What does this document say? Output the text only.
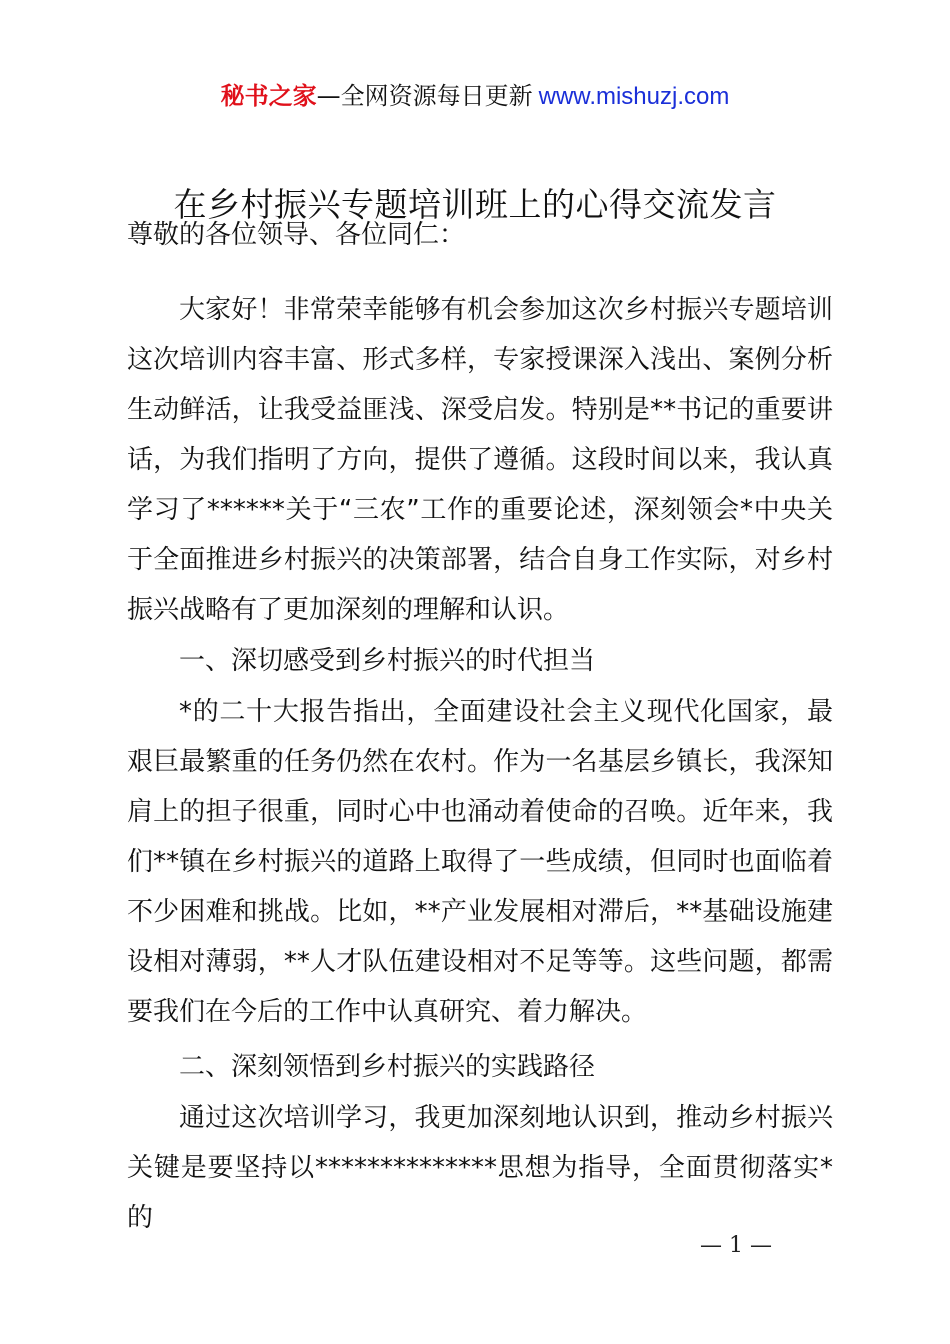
秘书之家—全网资源每日更新 www.mishuzj.com
在乡村振兴专题培训班上的心得交流发言
尊敬的各位领导、各位同仁：

大家好！非常荣幸能够有机会参加这次乡村振兴专题培训这次培训内容丰富、形式多样，专家授课深入浅出、案例分析生动鲜活，让我受益匪浅、深受启发。特别是**书记的重要讲话，为我们指明了方向，提供了遵循。这段时间以来，我认真学习了******关于“三农”工作的重要论述，深刻领会*中央关于全面推进乡村振兴的决策部署，结合自身工作实际，对乡村振兴战略有了更加深刻的理解和认识。

一、深切感受到乡村振兴的时代担当

*的二十大报告指出，全面建设社会主义现代化国家，最艰巨最繁重的任务仍然在农村。作为一名基层乡镇长，我深知肩上的担子很重，同时心中也涌动着使命的召唤。近年来，我们**镇在乡村振兴的道路上取得了一些成绩，但同时也面临着不少困难和挑战。比如，**产业发展相对滞后，**基础设施建设相对薄弱，**人才队伍建设相对不足等等。这些问题，都需要我们在今后的工作中认真研究、着力解决。

二、深刻领悟到乡村振兴的实践路径

通过这次培训学习，我更加深刻地认识到，推动乡村振兴关键是要坚持以**************思想为指导，全面贯彻落实*的

— 1 —
